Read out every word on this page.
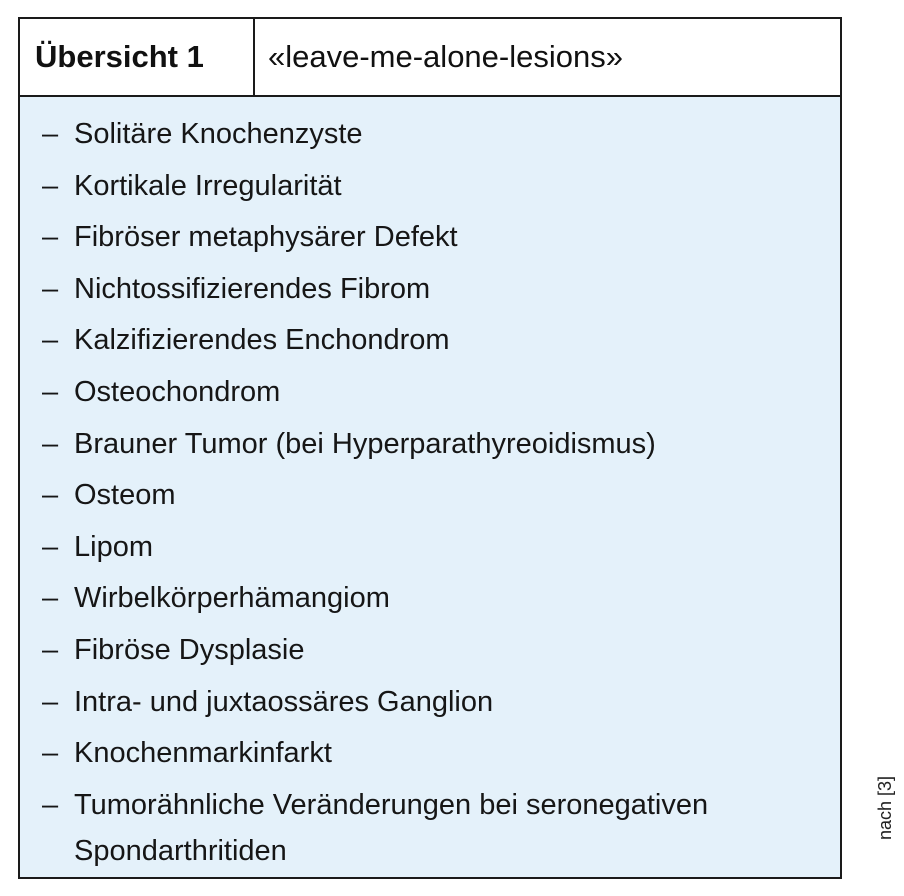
Übersicht 1	«leave-me-alone-lesions»
– Solitäre Knochenzyste
– Kortikale Irregularität
– Fibröser metaphysärer Defekt
– Nichtossifizierendes Fibrom
– Kalzifizierendes Enchondrom
– Osteochondrom
– Brauner Tumor (bei Hyperparathyreoidismus)
– Osteom
– Lipom
– Wirbelkörperhämangiom
– Fibröse Dysplasie
– Intra- und juxtaossäres Ganglion
– Knochenmarkinfarkt
– Tumorähnliche Veränderungen bei seronegativen Spondarthritiden
nach [3]
